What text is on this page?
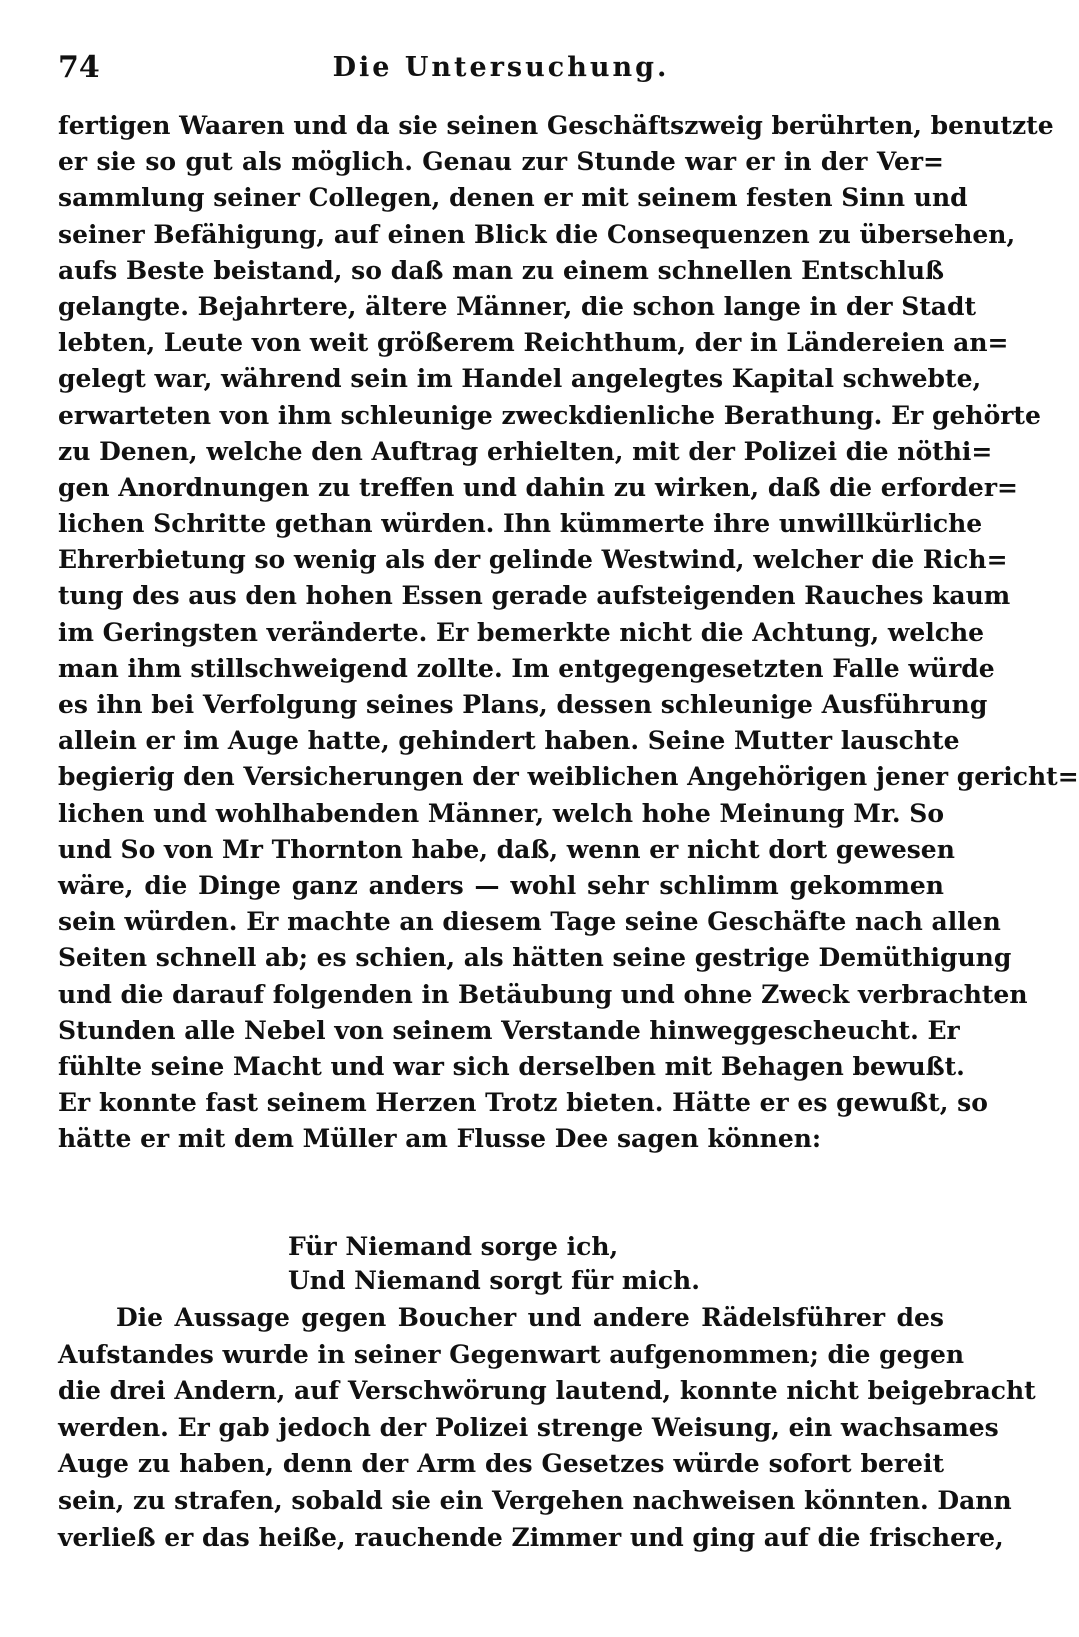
74	Die Untersuchung.
fertigen Waaren und da sie seinen Geschäftszweig berührten, benutzte
er sie so gut als möglich. Genau zur Stunde war er in der Ver=
sammlung seiner Collegen, denen er mit seinem festen Sinn und
seiner Befähigung, auf einen Blick die Consequenzen zu übersehen,
aufs Beste beistand, so daß man zu einem schnellen Entschluß
gelangte. Bejahrtere, ältere Männer, die schon lange in der Stadt
lebten, Leute von weit größerem Reichthum, der in Ländereien an=
gelegt war, während sein im Handel angelegtes Kapital schwebte,
erwarteten von ihm schleunige zweckdienliche Berathung. Er gehörte
zu Denen, welche den Auftrag erhielten, mit der Polizei die nöthi=
gen Anordnungen zu treffen und dahin zu wirken, daß die erforder=
lichen Schritte gethan würden. Ihn kümmerte ihre unwillkürliche
Ehrerbietung so wenig als der gelinde Westwind, welcher die Rich=
tung des aus den hohen Essen gerade aufsteigenden Rauches kaum
im Geringsten veränderte. Er bemerkte nicht die Achtung, welche
man ihm stillschweigend zollte. Im entgegengesetzten Falle würde
es ihn bei Verfolgung seines Plans, dessen schleunige Ausführung
allein er im Auge hatte, gehindert haben. Seine Mutter lauschte
begierig den Versicherungen der weiblichen Angehörigen jener gericht=
lichen und wohlhabenden Männer, welch hohe Meinung Mr. So
und So von Mr Thornton habe, daß, wenn er nicht dort gewesen
wäre, die Dinge ganz anders — wohl sehr schlimm gekommen
sein würden. Er machte an diesem Tage seine Geschäfte nach allen
Seiten schnell ab; es schien, als hätten seine gestrige Demüthigung
und die darauf folgenden in Betäubung und ohne Zweck verbrachten
Stunden alle Nebel von seinem Verstande hinweggescheucht. Er
fühlte seine Macht und war sich derselben mit Behagen bewußt.
Er konnte fast seinem Herzen Trotz bieten. Hätte er es gewußt, so
hätte er mit dem Müller am Flusse Dee sagen können:
Für Niemand sorge ich,
Und Niemand sorgt für mich.
Die Aussage gegen Boucher und andere Rädelsführer des
Aufstandes wurde in seiner Gegenwart aufgenommen; die gegen
die drei Andern, auf Verschwörung lautend, konnte nicht beigebracht
werden. Er gab jedoch der Polizei strenge Weisung, ein wachsames
Auge zu haben, denn der Arm des Gesetzes würde sofort bereit
sein, zu strafen, sobald sie ein Vergehen nachweisen könnten. Dann
verließ er das heiße, rauchende Zimmer und ging auf die frischere,
